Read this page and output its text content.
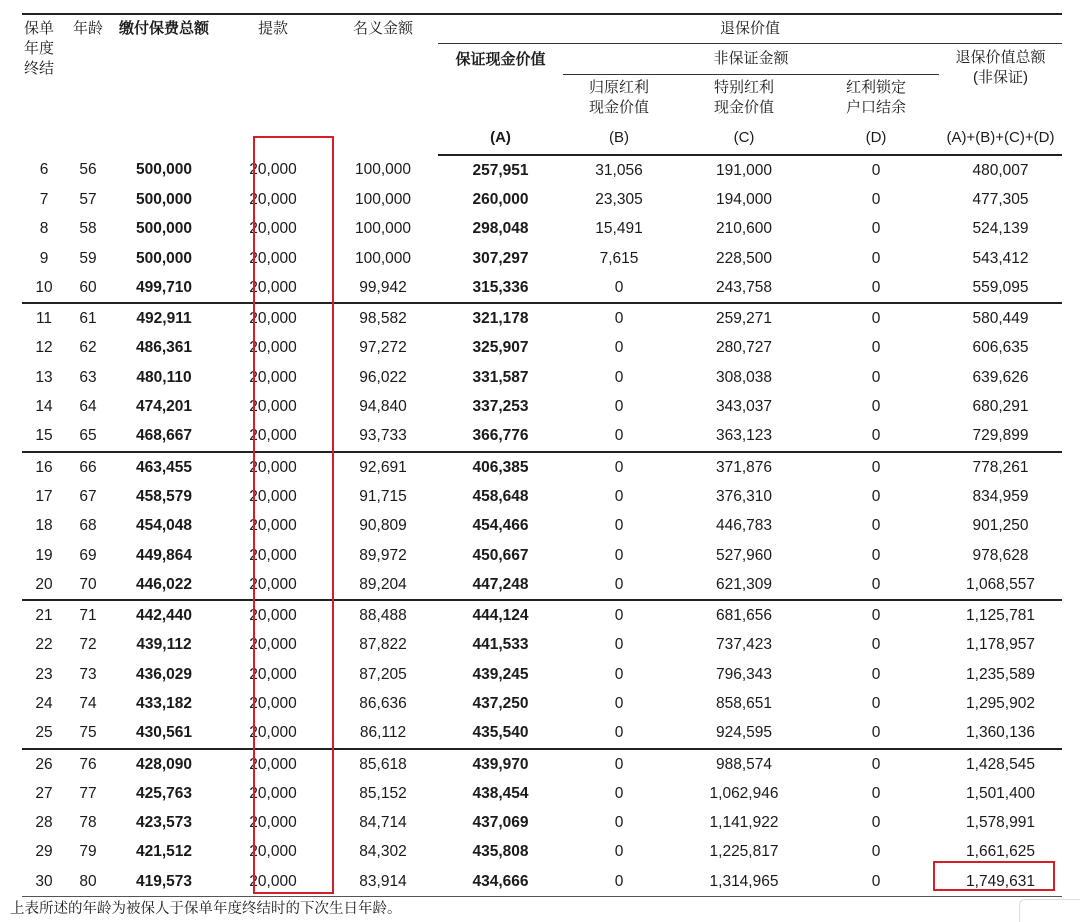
保单年度终结	年龄	缴付保费总额	提款	名义金额	退保价值				
					保证现金价值	非保证金额			退保价值总额 (非保证)
						归原红利 现金价值	特别红利 现金价值	红利锁定 户口结余	
					(A)	(B)	(C)	(D)	(A)+(B)+(C)+(D)
6	56	500,000	20,000	100,000	257,951	31,056	191,000	0	480,007
7	57	500,000	20,000	100,000	260,000	23,305	194,000	0	477,305
8	58	500,000	20,000	100,000	298,048	15,491	210,600	0	524,139
9	59	500,000	20,000	100,000	307,297	7,615	228,500	0	543,412
10	60	499,710	20,000	99,942	315,336	0	243,758	0	559,095
11	61	492,911	20,000	98,582	321,178	0	259,271	0	580,449
12	62	486,361	20,000	97,272	325,907	0	280,727	0	606,635
13	63	480,110	20,000	96,022	331,587	0	308,038	0	639,626
14	64	474,201	20,000	94,840	337,253	0	343,037	0	680,291
15	65	468,667	20,000	93,733	366,776	0	363,123	0	729,899
16	66	463,455	20,000	92,691	406,385	0	371,876	0	778,261
17	67	458,579	20,000	91,715	458,648	0	376,310	0	834,959
18	68	454,048	20,000	90,809	454,466	0	446,783	0	901,250
19	69	449,864	20,000	89,972	450,667	0	527,960	0	978,628
20	70	446,022	20,000	89,204	447,248	0	621,309	0	1,068,557
21	71	442,440	20,000	88,488	444,124	0	681,656	0	1,125,781
22	72	439,112	20,000	87,822	441,533	0	737,423	0	1,178,957
23	73	436,029	20,000	87,205	439,245	0	796,343	0	1,235,589
24	74	433,182	20,000	86,636	437,250	0	858,651	0	1,295,902
25	75	430,561	20,000	86,112	435,540	0	924,595	0	1,360,136
26	76	428,090	20,000	85,618	439,970	0	988,574	0	1,428,545
27	77	425,763	20,000	85,152	438,454	0	1,062,946	0	1,501,400
28	78	423,573	20,000	84,714	437,069	0	1,141,922	0	1,578,991
29	79	421,512	20,000	84,302	435,808	0	1,225,817	0	1,661,625
30	80	419,573	20,000	83,914	434,666	0	1,314,965	0	1,749,631
上表所述的年龄为被保人于保单年度终结时的下次生日年龄。
